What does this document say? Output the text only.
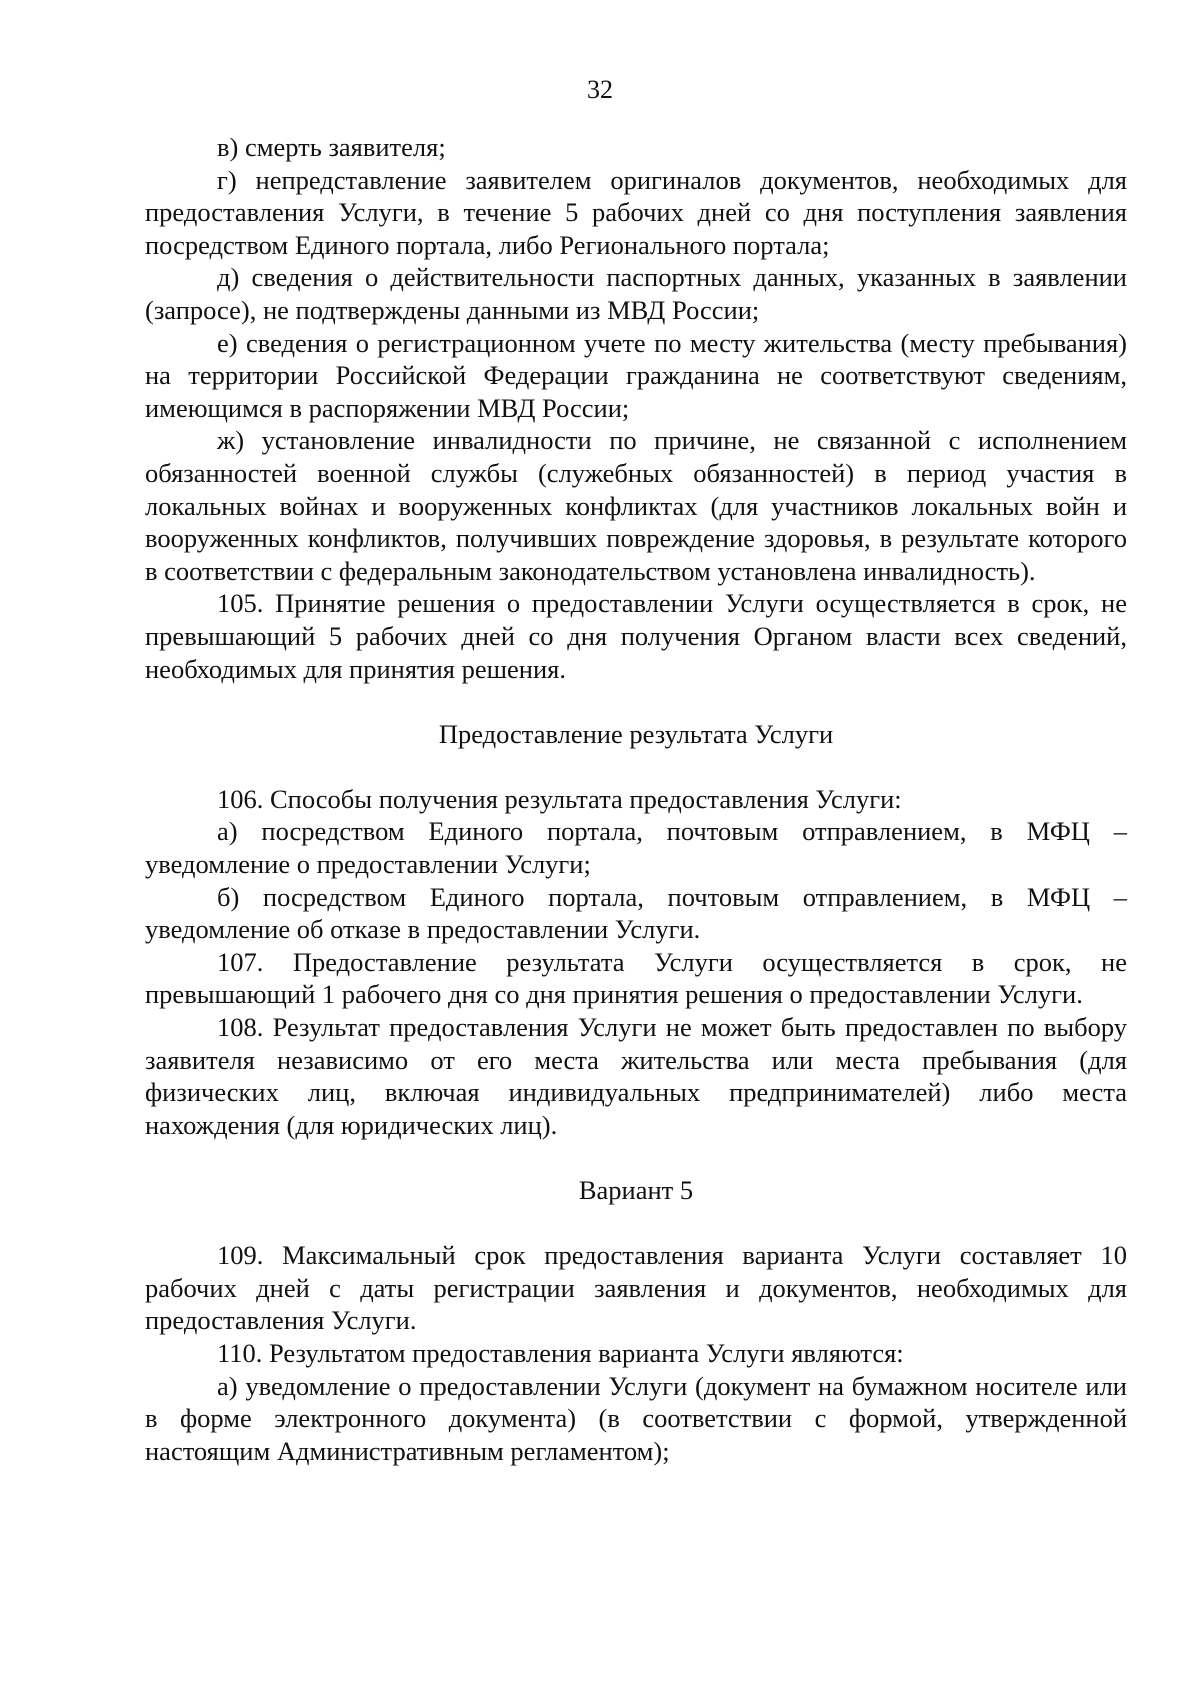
32

в) смерть заявителя;

г) непредставление заявителем оригиналов документов, необходимых для предоставления Услуги, в течение 5 рабочих дней со дня поступления заявления посредством Единого портала, либо Регионального портала;

д) сведения о действительности паспортных данных, указанных в заявлении (запросе), не подтверждены данными из МВД России;

е) сведения о регистрационном учете по месту жительства (месту пребывания) на территории Российской Федерации гражданина не соответствуют сведениям, имеющимся в распоряжении МВД России;

ж) установление инвалидности по причине, не связанной с исполнением обязанностей военной службы (служебных обязанностей) в период участия в локальных войнах и вооруженных конфликтах (для участников локальных войн и вооруженных конфликтов, получивших повреждение здоровья, в результате которого в соответствии с федеральным законодательством установлена инвалидность).

105. Принятие решения о предоставлении Услуги осуществляется в срок, не превышающий 5 рабочих дней со дня получения Органом власти всех сведений, необходимых для принятия решения.

Предоставление результата Услуги

106. Способы получения результата предоставления Услуги:

а) посредством Единого портала, почтовым отправлением, в МФЦ – уведомление о предоставлении Услуги;

б) посредством Единого портала, почтовым отправлением, в МФЦ – уведомление об отказе в предоставлении Услуги.

107. Предоставление результата Услуги осуществляется в срок, не превышающий 1 рабочего дня со дня принятия решения о предоставлении Услуги.

108. Результат предоставления Услуги не может быть предоставлен по выбору заявителя независимо от его места жительства или места пребывания (для физических лиц, включая индивидуальных предпринимателей) либо места нахождения (для юридических лиц).

Вариант 5

109. Максимальный срок предоставления варианта Услуги составляет 10 рабочих дней с даты регистрации заявления и документов, необходимых для предоставления Услуги.

110. Результатом предоставления варианта Услуги являются:

а) уведомление о предоставлении Услуги (документ на бумажном носителе или в форме электронного документа) (в соответствии с формой, утвержденной настоящим Административным регламентом);
